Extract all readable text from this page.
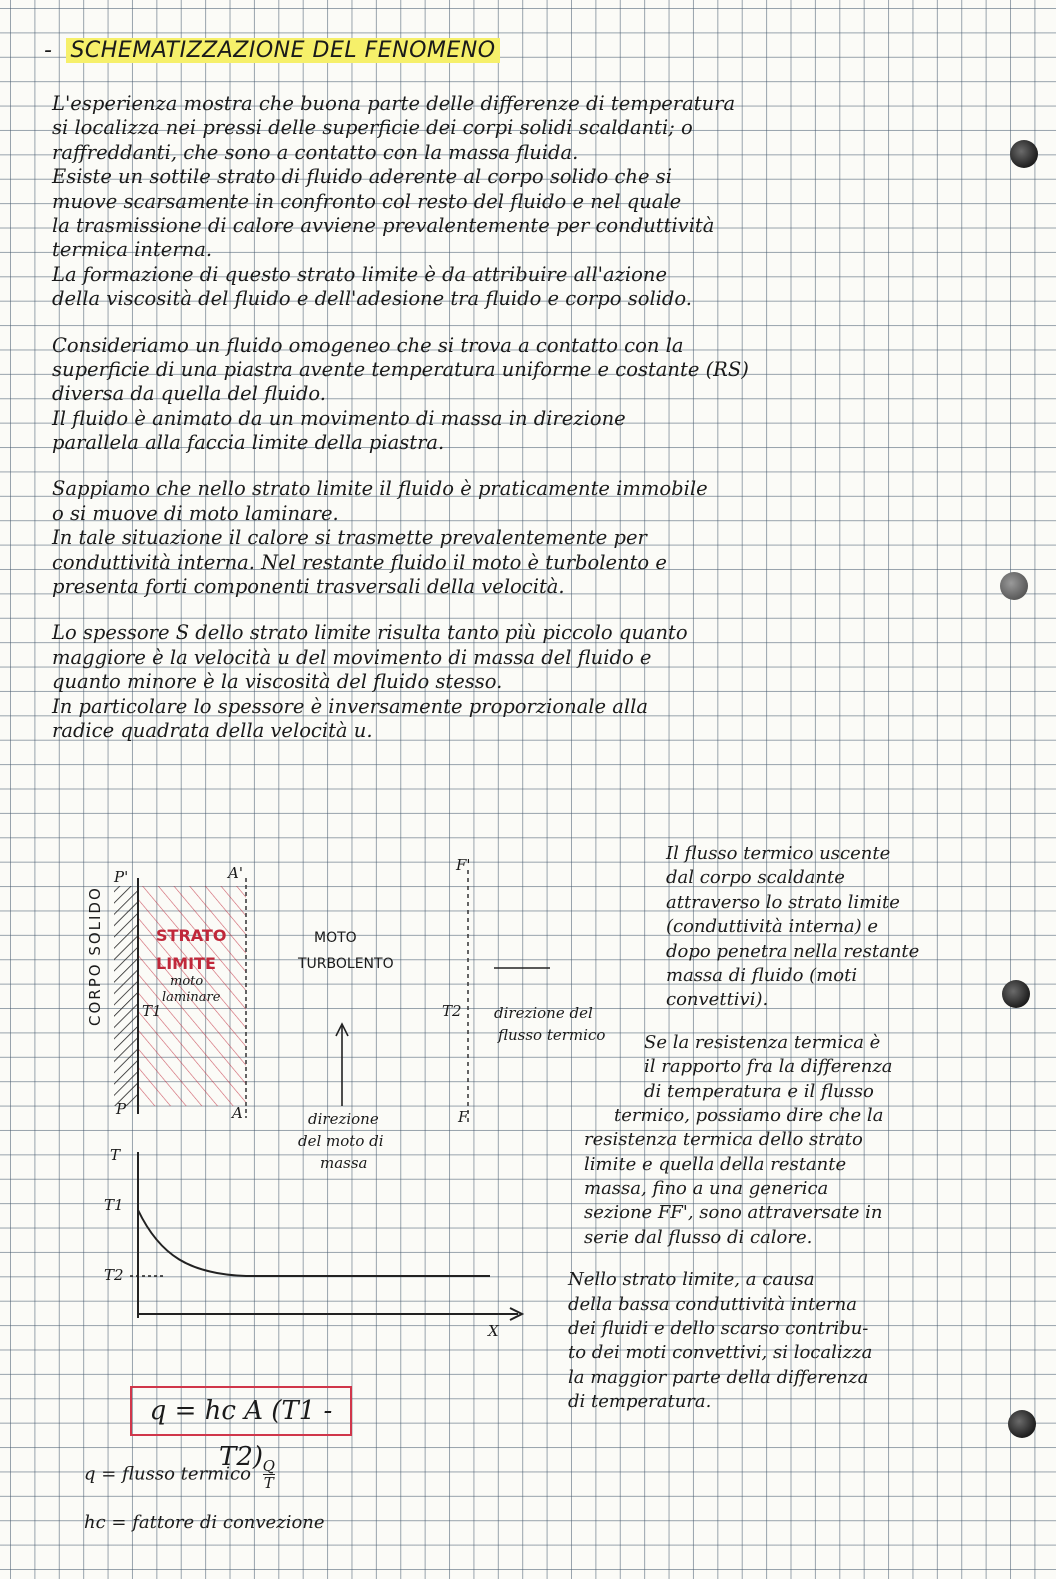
- SCHEMATIZZAZIONE DEL FENOMENO
L'esperienza mostra che buona parte delle differenze di temperatura
si localizza nei pressi delle superficie dei corpi solidi scaldanti; o
raffreddanti, che sono a contatto con la massa fluida.
Esiste un sottile strato di fluido aderente al corpo solido che si
muove scarsamente in confronto col resto del fluido e nel quale
la trasmissione di calore avviene prevalentemente per conduttività
termica interna.
La formazione di questo strato limite è da attribuire all'azione
della viscosità del fluido e dell'adesione tra fluido e corpo solido.
Consideriamo un fluido omogeneo che si trova a contatto con la
superficie di una piastra avente temperatura uniforme e costante (RS)
diversa da quella del fluido.
Il fluido è animato da un movimento di massa in direzione
parallela alla faccia limite della piastra.
Sappiamo che nello strato limite il fluido è praticamente immobile
o si muove di moto laminare.
In tale situazione il calore si trasmette prevalentemente per
conduttività interna. Nel restante fluido il moto è turbolento e
presenta forti componenti trasversali della velocità.
Lo spessore S dello strato limite risulta tanto più piccolo quanto
maggiore è la velocità u del movimento di massa del fluido e
quanto minore è la viscosità del fluido stesso.
In particolare lo spessore è inversamente proporzionale alla
radice quadrata della velocità u.
Il flusso termico uscente
dal corpo scaldante
attraverso lo strato limite
(conduttività interna) e
dopo penetra nella restante
massa di fluido (moti
convettivi).
Se la resistenza termica è
il rapporto fra la differenza
di temperatura e il flusso
termico, possiamo dire che la
resistenza termica dello strato
limite e quella della restante
massa, fino a una generica
sezione FF', sono attraversate in
serie dal flusso di calore.
Nello strato limite, a causa
della bassa conduttività interna
dei fluidi e dello scarso contribu-
to dei moti convettivi, si localizza
la maggior parte della differenza
di temperatura.
CORPO SOLIDO	STRATO
LIMITE
moto
laminare
MOTO
TURBOLENTO
P'
P
A'
A
F'
F
T1	T2 direzione del
flusso termico
direzione
del moto di
massa
T
T1
T2
X
q = hc A (T1 - T2)
q = flusso termico $\frac{Q}{T}$
hc = fattore di convezione
